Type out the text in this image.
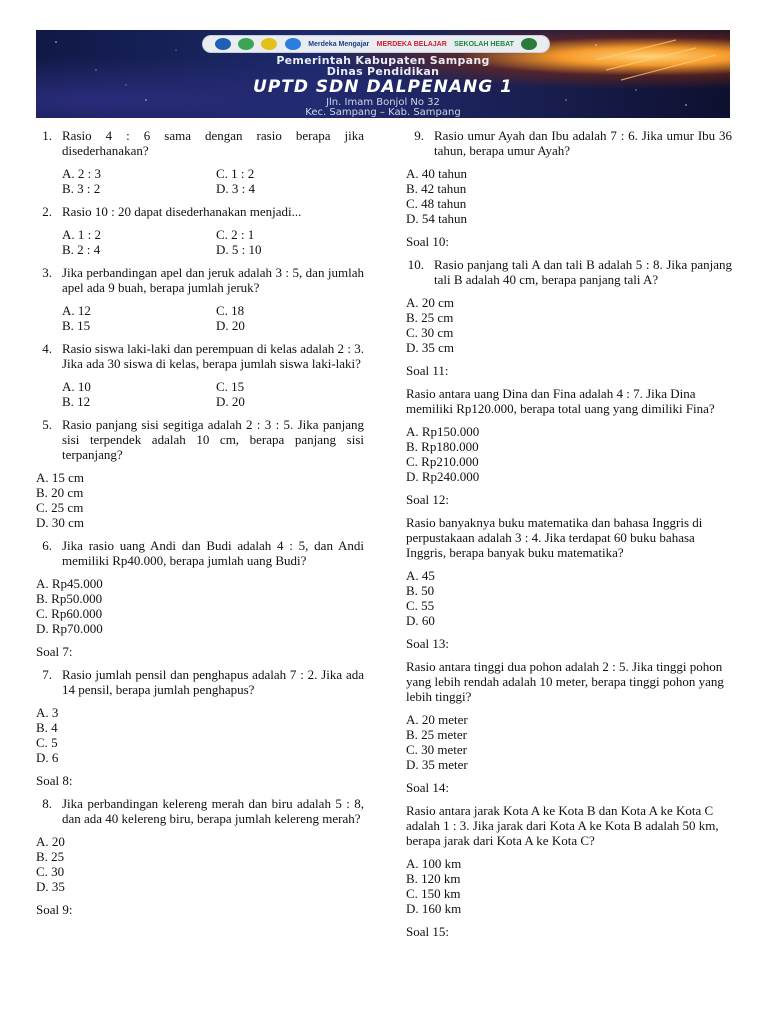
Merdeka Mengajar MERDEKA BELAJAR SEKOLAH HEBAT
Pemerintah Kabupaten Sampang
Dinas Pendidikan
UPTD SDN DALPENANG 1
Jln. Imam Bonjol No 32
Kec. Sampang – Kab. Sampang
1. Rasio 4 : 6 sama dengan rasio berapa jika disederhanakan?
A. 2 : 3	C. 1 : 2
B. 3 : 2	D. 3 : 4
2. Rasio 10 : 20 dapat disederhanakan menjadi...
A. 1 : 2	C. 2 : 1
B. 2 : 4	D. 5 : 10
3. Jika perbandingan apel dan jeruk adalah 3 : 5, dan jumlah apel ada 9 buah, berapa jumlah jeruk?
A. 12	C. 18
B. 15	D. 20
4. Rasio siswa laki-laki dan perempuan di kelas adalah 2 : 3. Jika ada 30 siswa di kelas, berapa jumlah siswa laki-laki?
A. 10	C. 15
B. 12	D. 20
5. Rasio panjang sisi segitiga adalah 2 : 3 : 5. Jika panjang sisi terpendek adalah 10 cm, berapa panjang sisi terpanjang?
A. 15 cm
B. 20 cm
C. 25 cm
D. 30 cm
6. Jika rasio uang Andi dan Budi adalah 4 : 5, dan Andi memiliki Rp40.000, berapa jumlah uang Budi?
A. Rp45.000
B. Rp50.000
C. Rp60.000
D. Rp70.000
Soal 7:
7. Rasio jumlah pensil dan penghapus adalah 7 : 2. Jika ada 14 pensil, berapa jumlah penghapus?
A. 3
B. 4
C. 5
D. 6
Soal 8:
8. Jika perbandingan kelereng merah dan biru adalah 5 : 8, dan ada 40 kelereng biru, berapa jumlah kelereng merah?
A. 20
B. 25
C. 30
D. 35
Soal 9:
9. Rasio umur Ayah dan Ibu adalah 7 : 6. Jika umur Ibu 36 tahun, berapa umur Ayah?
A. 40 tahun
B. 42 tahun
C. 48 tahun
D. 54 tahun
Soal 10:
10. Rasio panjang tali A dan tali B adalah 5 : 8. Jika panjang tali B adalah 40 cm, berapa panjang tali A?
A. 20 cm
B. 25 cm
C. 30 cm
D. 35 cm
Soal 11:
Rasio antara uang Dina dan Fina adalah 4 : 7. Jika Dina memiliki Rp120.000, berapa total uang yang dimiliki Fina?
A. Rp150.000
B. Rp180.000
C. Rp210.000
D. Rp240.000
Soal 12:
Rasio banyaknya buku matematika dan bahasa Inggris di perpustakaan adalah 3 : 4. Jika terdapat 60 buku bahasa Inggris, berapa banyak buku matematika?
A. 45
B. 50
C. 55
D. 60
Soal 13:
Rasio antara tinggi dua pohon adalah 2 : 5. Jika tinggi pohon yang lebih rendah adalah 10 meter, berapa tinggi pohon yang lebih tinggi?
A. 20 meter
B. 25 meter
C. 30 meter
D. 35 meter
Soal 14:
Rasio antara jarak Kota A ke Kota B dan Kota A ke Kota C adalah 1 : 3. Jika jarak dari Kota A ke Kota B adalah 50 km, berapa jarak dari Kota A ke Kota C?
A. 100 km
B. 120 km
C. 150 km
D. 160 km
Soal 15:
